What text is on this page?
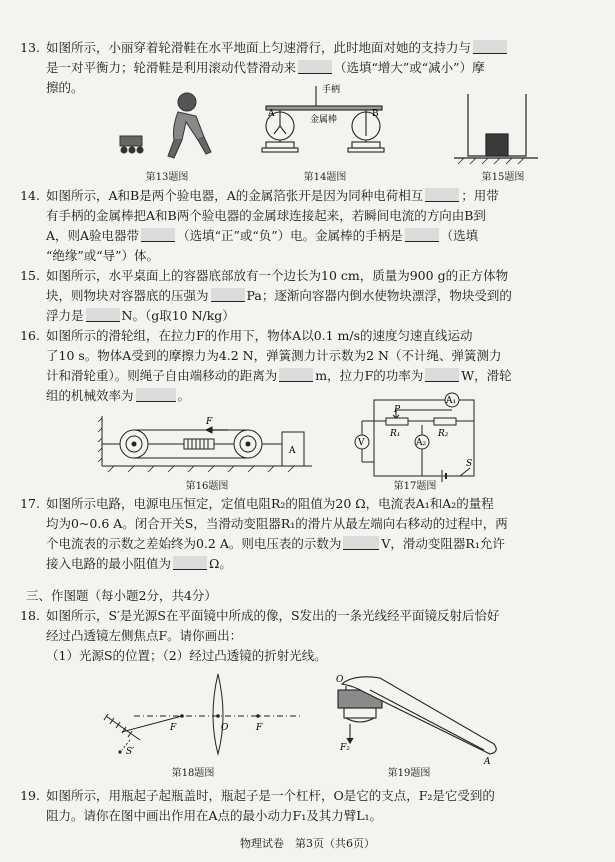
13. 如图所示，小丽穿着轮滑鞋在水平地面上匀速滑行，此时地面对她的支持力与
是一对平衡力；轮滑鞋是利用滚动代替滑动来	（选填“增大”或“减小”）摩
擦的。
第13题图
手柄
金属棒
A	B
第14题图	第15题图
14. 如图所示，A和B是两个验电器，A的金属箔张开是因为同种电荷相互	；用带
有手柄的金属棒把A和B两个验电器的金属球连接起来，若瞬间电流的方向由B到
A，则A验电器带	（选填“正”或“负”）电。金属棒的手柄是	（选填
“绝缘”或“导”）体。
15. 如图所示，水平桌面上的容器底部放有一个边长为10 cm，质量为900 g的正方体物
块，则物块对容器底的压强为	Pa；逐渐向容器内倒水使物块漂浮，物块受到的
浮力是	N。（g取10 N/kg）
16. 如图所示的滑轮组，在拉力F的作用下，物体A以0.1 m/s的速度匀速直线运动
了10 s。物体A受到的摩擦力为4.2 N，弹簧测力计示数为2 N（不计绳、弹簧测力
计和滑轮重）。则绳子自由端移动的距离为	m，拉力F的功率为	W，滑轮
组的机械效率为	。
F
A
第16题图
P
R₁	R₂
A₁
A₂
V
S
第17题图
17. 如图所示电路，电源电压恒定，定值电阻R₂的阻值为20 Ω，电流表A₁和A₂的量程
均为0~0.6 A。闭合开关S，当滑动变阻器R₁的滑片从最左端向右移动的过程中，两
个电流表的示数之差始终为0.2 A。则电压表的示数为	V，滑动变阻器R₁允许
接入电路的最小阻值为	Ω。
三、作图题（每小题2分，共4分）
18. 如图所示，S′是光源S在平面镜中所成的像，S发出的一条光线经平面镜反射后恰好
经过凸透镜左侧焦点F。请你画出：
（1）光源S的位置；（2）经过凸透镜的折射光线。
F	O	F
S′
第18题图
O
F₂
A
第19题图
19. 如图所示，用瓶起子起瓶盖时，瓶起子是一个杠杆，O是它的支点，F₂是它受到的
阻力。请你在图中画出作用在A点的最小动力F₁及其力臂L₁。
物理试卷　第3页（共6页）
